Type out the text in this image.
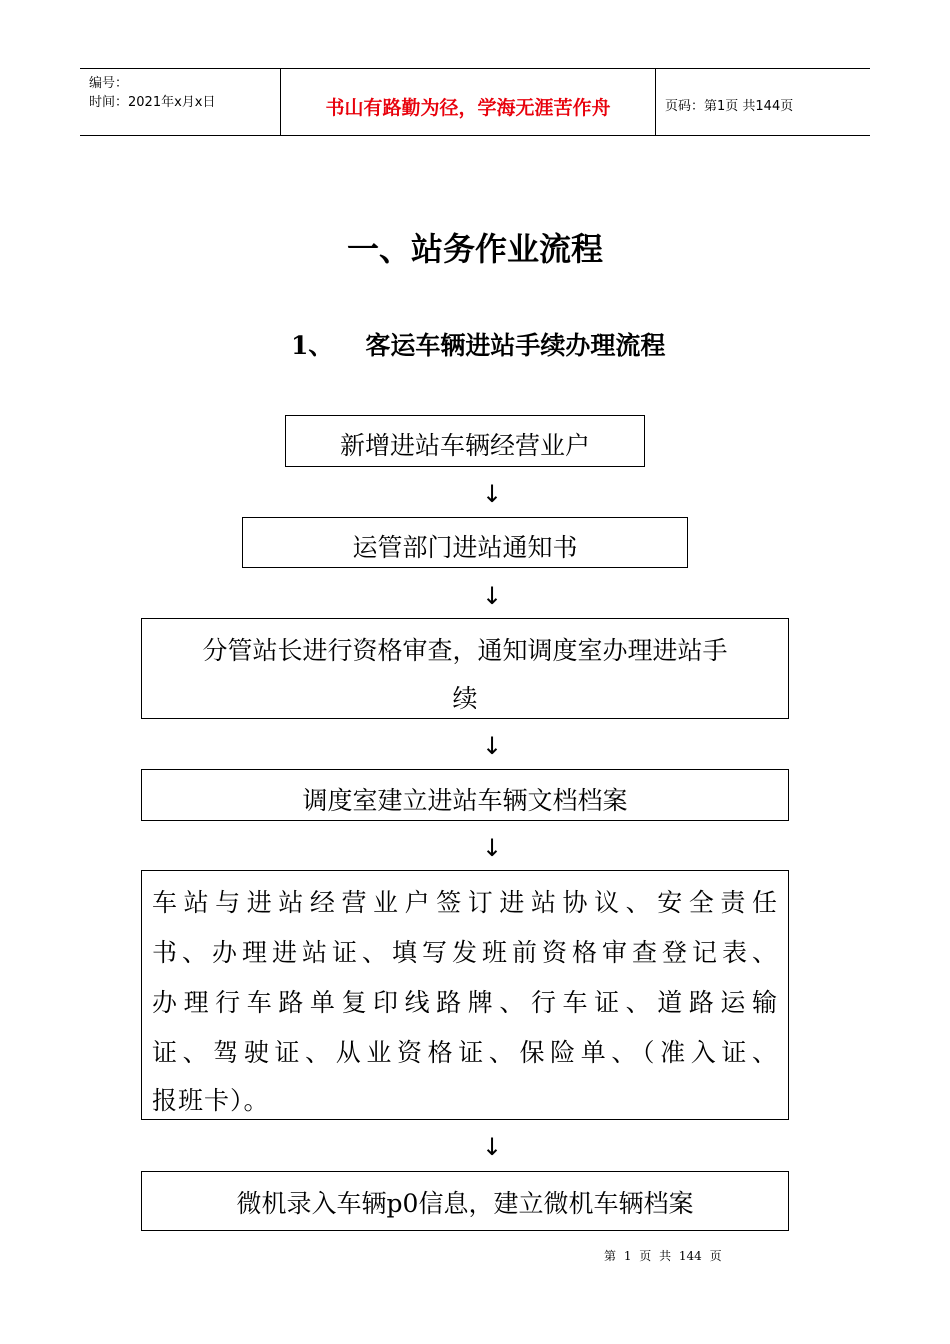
编号：
时间：2021年x月x日	书山有路勤为径，学海无涯苦作舟	页码：第1页 共144页
一、站务作业流程
1、 客运车辆进站手续办理流程
新增进站车辆经营业户
↓
运管部门进站通知书
↓
分管站长进行资格审查，通知调度室办理进站手
续
↓
调度室建立进站车辆文档档案
↓
车站与进站经营业户签订进站协议、安全责任
书、办理进站证、填写发班前资格审查登记表、
办理行车路单复印线路牌、行车证、道路运输
证、驾驶证、从业资格证、保险单、（准入证、
报班卡）。
↓
微机录入车辆p0信息，建立微机车辆档案
第 1 页 共 144 页
